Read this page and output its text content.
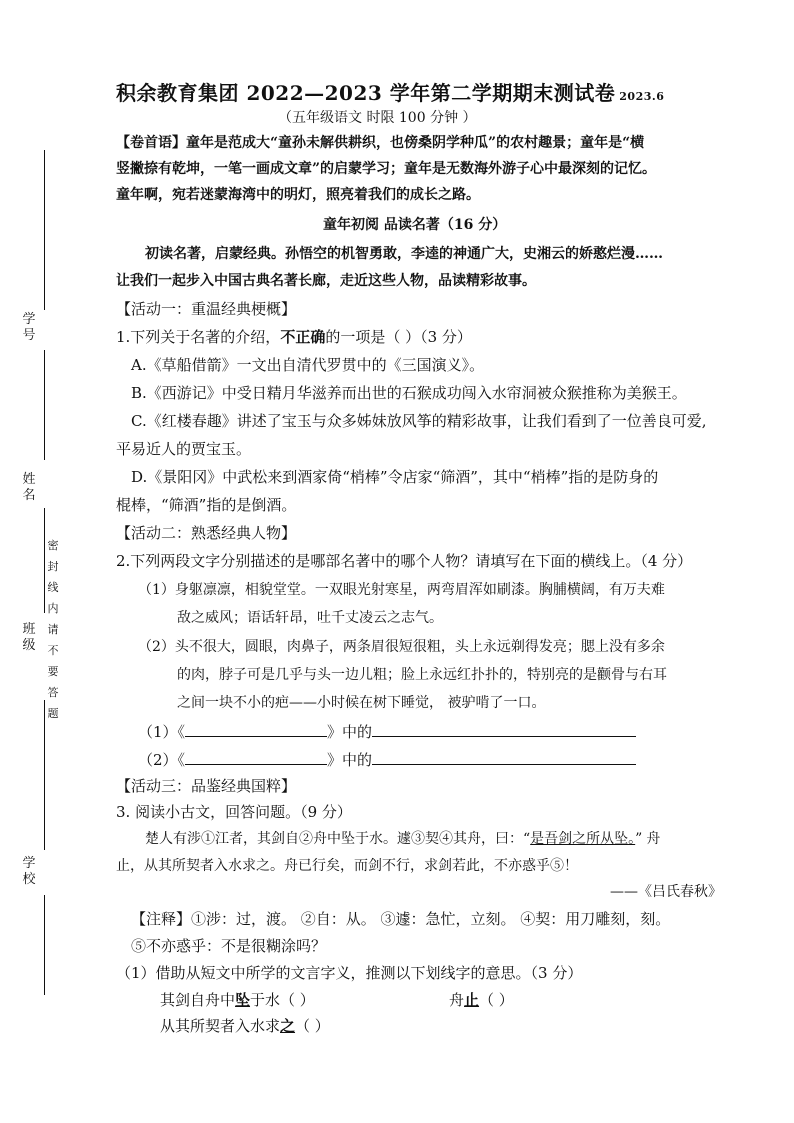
学号
姓名
班级
密封线内请不要答题
学校
积余教育集团 2022—2023 学年第二学期期末测试卷 2023.6
（五年级语文 时限 100 分钟 ）
【卷首语】童年是范成大“童孙未解供耕织，也傍桑阴学种瓜”的农村趣景；童年是“横
竖撇捺有乾坤，一笔一画成文章”的启蒙学习；童年是无数海外游子心中最深刻的记忆。
童年啊，宛若迷蒙海湾中的明灯，照亮着我们的成长之路。
童年初阅 品读名著（16 分）
初读名著，启蒙经典。孙悟空的机智勇敢，李逵的神通广大，史湘云的娇憨烂漫……
让我们一起步入中国古典名著长廊，走近这些人物，品读精彩故事。
【活动一：重温经典梗概】
1.下列关于名著的介绍，不正确的一项是（ ）（3 分）
A.《草船借箭》一文出自清代罗贯中的《三国演义》。
B.《西游记》中受日精月华滋养而出世的石猴成功闯入水帘洞被众猴推称为美猴王。
C.《红楼春趣》讲述了宝玉与众多姊妹放风筝的精彩故事，让我们看到了一位善良可爱,
平易近人的贾宝玉。
D.《景阳冈》中武松来到酒家倚“梢棒”令店家“筛酒”，其中“梢棒”指的是防身的
棍棒，“筛酒”指的是倒酒。
【活动二：熟悉经典人物】
2.下列两段文字分别描述的是哪部名著中的哪个人物？请填写在下面的横线上。（4 分）
（1）身躯凛凛，相貌堂堂。一双眼光射寒星，两弯眉浑如刷漆。胸脯横阔，有万夫难
敌之威风；语话轩昂，吐千丈凌云之志气。
（2）头不很大，圆眼，肉鼻子，两条眉很短很粗，头上永远剃得发亮；腮上没有多余
的肉，脖子可是几乎与头一边儿粗；脸上永远红扑扑的，特别亮的是颧骨与右耳
之间一块不小的疤——小时候在树下睡觉， 被驴啃了一口。
（1）《	》中的
（2）《	》中的
【活动三：品鉴经典国粹】
3. 阅读小古文，回答问题。（9 分）
楚人有涉①江者，其剑自②舟中坠于水。遽③契④其舟，曰：“是吾剑之所从坠。” 舟
止，从其所契者入水求之。舟已行矣，而剑不行，求剑若此，不亦惑乎⑤！
——《吕氏春秋》
【注释】①涉：过，渡。 ②自：从。 ③遽：急忙，立刻。 ④契：用刀雕刻，刻。
⑤不亦惑乎：不是很糊涂吗？
（1）借助从短文中所学的文言字义，推测以下划线字的意思。（3 分）
其剑自舟中坠于水（ ）	舟止（ ）
从其所契者入水求之（ ）
